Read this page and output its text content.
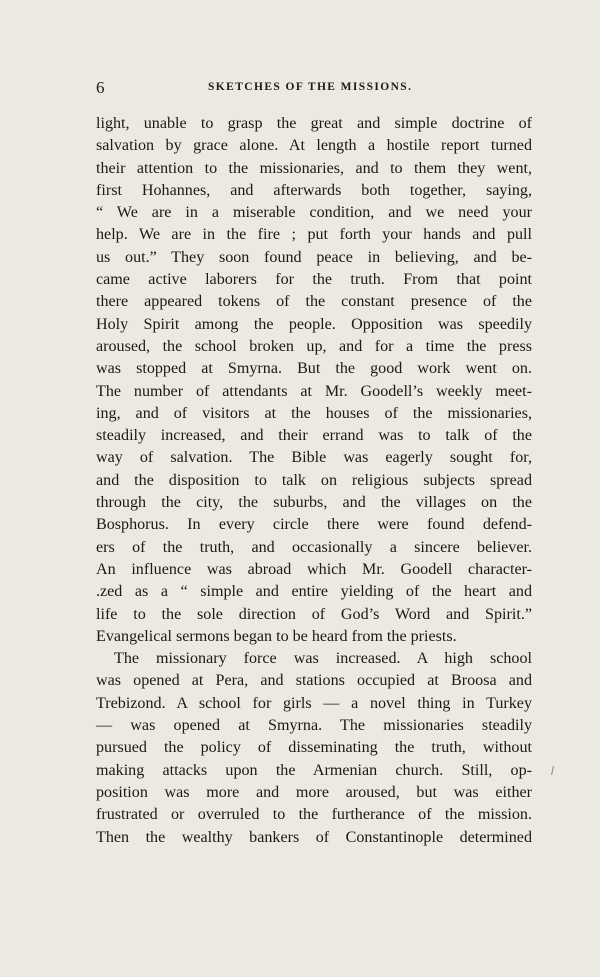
6	SKETCHES OF THE MISSIONS.
light, unable to grasp the great and simple doctrine of
salvation by grace alone. At length a hostile report turned
their attention to the missionaries, and to them they went,
first Hohannes, and afterwards both together, saying,
“ We are in a miserable condition, and we need your
help. We are in the fire ; put forth your hands and pull
us out.” They soon found peace in believing, and be-
came active laborers for the truth. From that point
there appeared tokens of the constant presence of the
Holy Spirit among the people. Opposition was speedily
aroused, the school broken up, and for a time the press
was stopped at Smyrna. But the good work went on.
The number of attendants at Mr. Goodell’s weekly meet-
ing, and of visitors at the houses of the missionaries,
steadily increased, and their errand was to talk of the
way of salvation. The Bible was eagerly sought for,
and the disposition to talk on religious subjects spread
through the city, the suburbs, and the villages on the
Bosphorus. In every circle there were found defend-
ers of the truth, and occasionally a sincere believer.
An influence was abroad which Mr. Goodell character-
.zed as a “ simple and entire yielding of the heart and
life to the sole direction of God’s Word and Spirit.”
Evangelical sermons began to be heard from the priests.
The missionary force was increased. A high school
was opened at Pera, and stations occupied at Broosa and
Trebizond. A school for girls — a novel thing in Turkey
— was opened at Smyrna. The missionaries steadily
pursued the policy of disseminating the truth, without
making attacks upon the Armenian church. Still, op-
position was more and more aroused, but was either
frustrated or overruled to the furtherance of the mission.
Then the wealthy bankers of Constantinople determined
